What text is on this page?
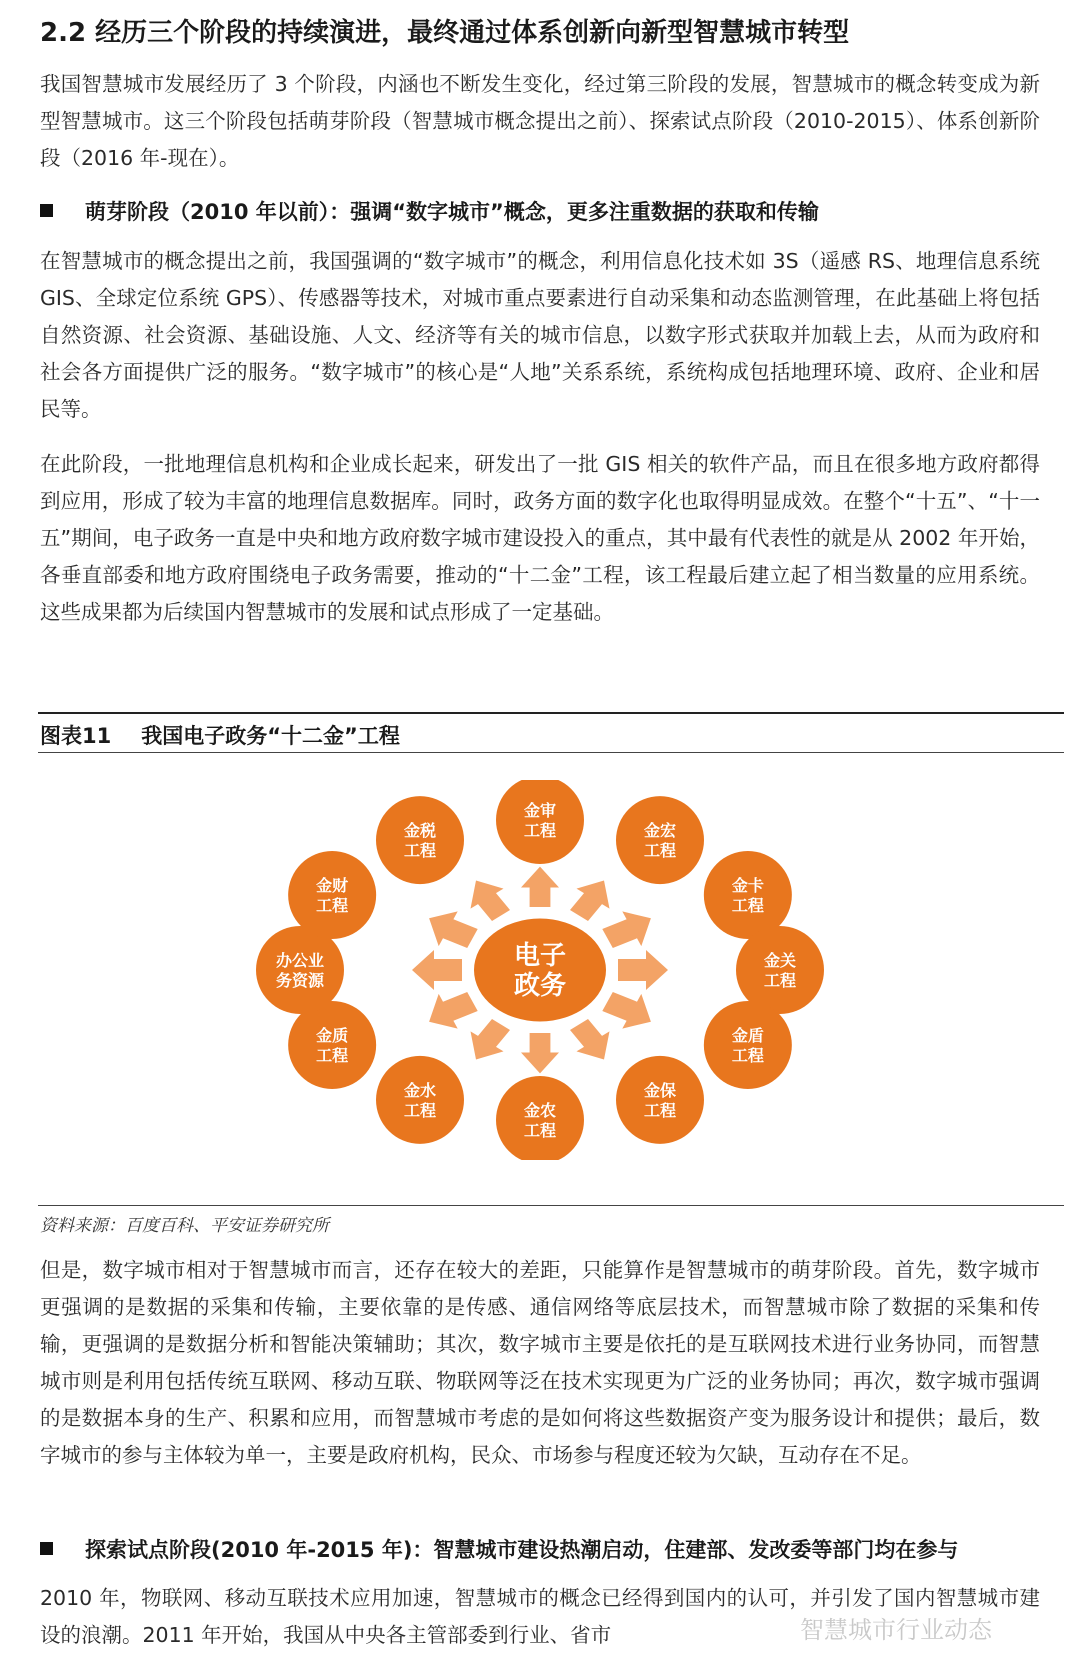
2.2 经历三个阶段的持续演进，最终通过体系创新向新型智慧城市转型

我国智慧城市发展经历了 3 个阶段，内涵也不断发生变化，经过第三阶段的发展，智慧城市的概念转变成为新型智慧城市。这三个阶段包括萌芽阶段（智慧城市概念提出之前）、探索试点阶段（2010-2015）、体系创新阶段（2016 年-现在）。

萌芽阶段（2010 年以前）：强调“数字城市”概念，更多注重数据的获取和传输

在智慧城市的概念提出之前，我国强调的“数字城市”的概念，利用信息化技术如 3S（遥感 RS、地理信息系统 GIS、全球定位系统 GPS）、传感器等技术，对城市重点要素进行自动采集和动态监测管理，在此基础上将包括自然资源、社会资源、基础设施、人文、经济等有关的城市信息，以数字形式获取并加载上去，从而为政府和社会各方面提供广泛的服务。“数字城市”的核心是“人地”关系系统，系统构成包括地理环境、政府、企业和居民等。

在此阶段，一批地理信息机构和企业成长起来，研发出了一批 GIS 相关的软件产品，而且在很多地方政府都得到应用，形成了较为丰富的地理信息数据库。同时，政务方面的数字化也取得明显成效。在整个“十五”、“十一五”期间，电子政务一直是中央和地方政府数字城市建设投入的重点，其中最有代表性的就是从 2002 年开始，各垂直部委和地方政府围绕电子政务需要，推动的“十二金”工程，该工程最后建立起了相当数量的应用系统。这些成果都为后续国内智慧城市的发展和试点形成了一定基础。

图表11 我国电子政务“十二金”工程

金审
工程	金宏
工程
金卡
工程
金关
工程
金盾
工程
金保
工程
金农
工程
金水
工程
金质
工程
办公业
务资源
金财
工程
金税
工程
电子
政务

资料来源：百度百科、平安证券研究所

但是，数字城市相对于智慧城市而言，还存在较大的差距，只能算作是智慧城市的萌芽阶段。首先，数字城市更强调的是数据的采集和传输，主要依靠的是传感、通信网络等底层技术，而智慧城市除了数据的采集和传输，更强调的是数据分析和智能决策辅助；其次，数字城市主要是依托的是互联网技术进行业务协同，而智慧城市则是利用包括传统互联网、移动互联、物联网等泛在技术实现更为广泛的业务协同；再次，数字城市强调的是数据本身的生产、积累和应用，而智慧城市考虑的是如何将这些数据资产变为服务设计和提供；最后，数字城市的参与主体较为单一，主要是政府机构，民众、市场参与程度还较为欠缺，互动存在不足。

探索试点阶段(2010 年-2015 年)：智慧城市建设热潮启动，住建部、发改委等部门均在参与

2010 年，物联网、移动互联技术应用加速，智慧城市的概念已经得到国内的认可，并引发了国内智慧城市建设的浪潮。2011 年开始，我国从中央各主管部委到行业、省市	智慧城市行业动态
